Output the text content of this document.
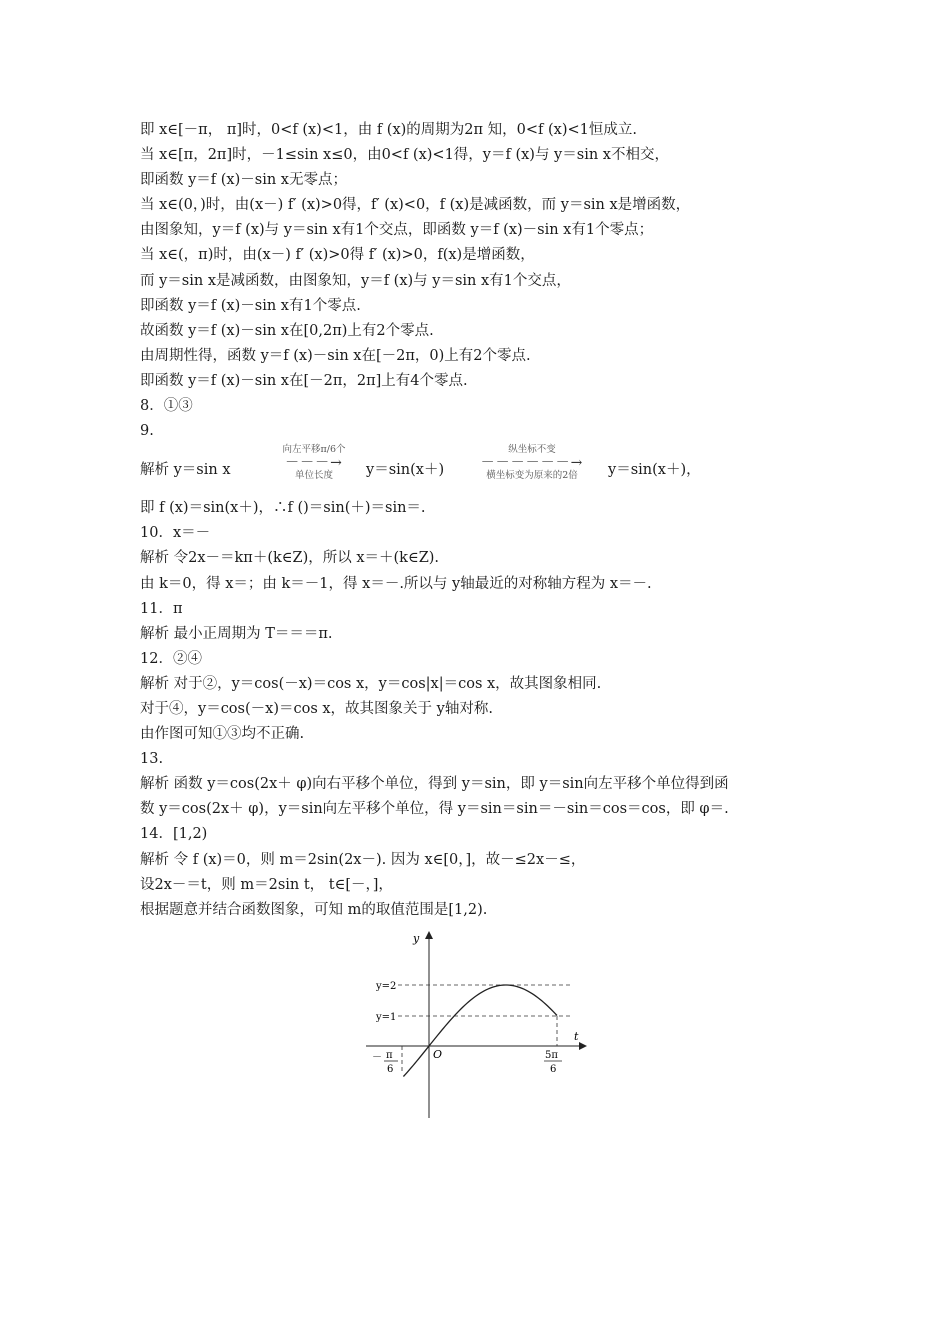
即 x∈[－π， π]时，0<f (x)<1，由 f (x)的周期为2π 知，0<f (x)<1恒成立.
当 x∈[π，2π]时，－1≤sin x≤0，由0<f (x)<1得，y＝f (x)与 y＝sin x不相交，
即函数 y＝f (x)－sin x无零点；
当 x∈(0，)时，由(x－) f′ (x)>0得，f′ (x)<0，f (x)是减函数，而 y＝sin x是增函数，
由图象知，y＝f (x)与 y＝sin x有1个交点，即函数 y＝f (x)－sin x有1个零点；
当 x∈(，π)时，由(x－) f′ (x)>0得 f′ (x)>0，f(x)是增函数，
而 y＝sin x是减函数，由图象知，y＝f (x)与 y＝sin x有1个交点，
即函数 y＝f (x)－sin x有1个零点.
故函数 y＝f (x)－sin x在[0,2π)上有2个零点.
由周期性得，函数 y＝f (x)－sin x在[－2π，0)上有2个零点.
即函数 y＝f (x)－sin x在[－2π，2π]上有4个零点.
8．①③
9.
解析 y＝sin x
向左平移π/6个
－－－→
单位长度	y＝sin(x＋)
纵坐标不变
－－－－－－→
横坐标变为原来的2倍	y＝sin(x＋)，
即 f (x)＝sin(x＋)，∴f ()＝sin(＋)＝sin＝.
10．x＝－
解析 令2x－＝kπ＋(k∈Z)，所以 x＝＋(k∈Z).
由 k＝0，得 x＝；由 k＝－1，得 x＝－.所以与 y轴最近的对称轴方程为 x＝－.
11．π
解析 最小正周期为 T＝＝＝π.
12．②④
解析 对于②，y＝cos(－x)＝cos x，y＝cos|x|＝cos x，故其图象相同.
对于④，y＝cos(－x)＝cos x，故其图象关于 y轴对称.
由作图可知①③均不正确.
13.
解析 函数 y＝cos(2x＋ φ)向右平移个单位，得到 y＝sin，即 y＝sin向左平移个单位得到函
数 y＝cos(2x＋ φ)，y＝sin向左平移个单位，得 y＝sin＝sin＝－sin＝cos＝cos，即 φ＝.
14．[1,2)
解析 令 f (x)＝0，则 m＝2sin(2x－). 因为 x∈[0，]，故－≤2x－≤，
设2x－＝t，则 m＝2sin t， t∈[－，]，
根据题意并结合函数图象，可知 m的取值范围是[1,2).
y
t
O
y=2
y=1
－ π
6
5π
6
